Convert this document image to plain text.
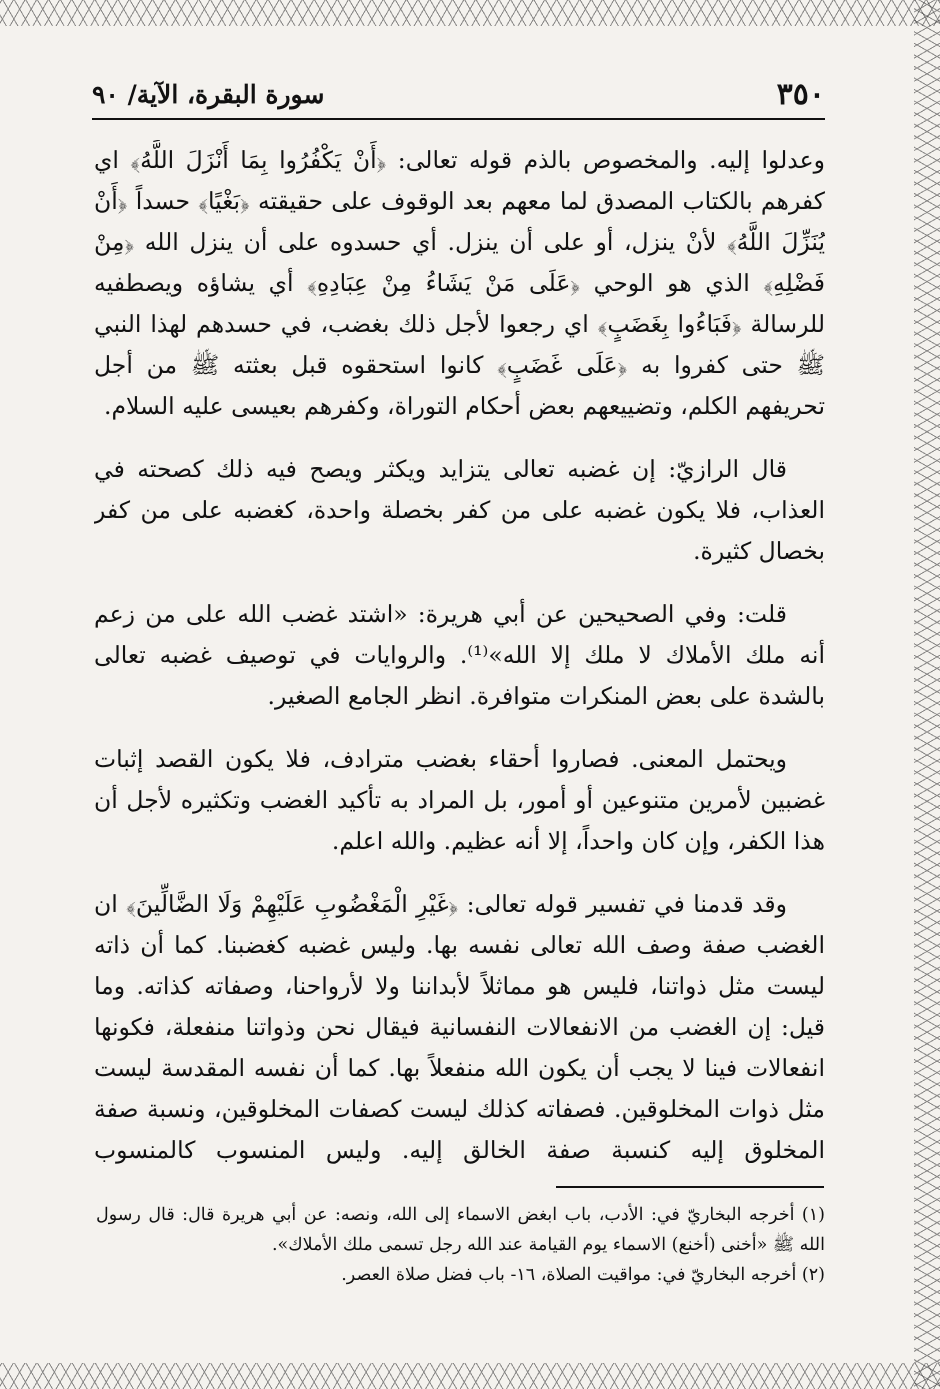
٣٥٠
سورة البقرة، الآية/ ٩٠

وعدلوا إليه. والمخصوص بالذم قوله تعالى: ﴿أَنْ يَكْفُرُوا بِمَا أَنْزَلَ اللَّهُ﴾ اي كفرهم بالكتاب المصدق لما معهم بعد الوقوف على حقيقته ﴿بَغْيًا﴾ حسداً ﴿أَنْ يُنَزِّلَ اللَّهُ﴾ لأنْ ينزل، أو على أن ينزل. أي حسدوه على أن ينزل الله ﴿مِنْ فَضْلِهِ﴾ الذي هو الوحي ﴿عَلَى مَنْ يَشَاءُ مِنْ عِبَادِهِ﴾ أي يشاؤه ويصطفيه للرسالة ﴿فَبَاءُوا بِغَضَبٍ﴾ اي رجعوا لأجل ذلك بغضب، في حسدهم لهذا النبي ﷺ حتى كفروا به ﴿عَلَى غَضَبٍ﴾ كانوا استحقوه قبل بعثته ﷺ من أجل تحريفهم الكلم، وتضييعهم بعض أحكام التوراة، وكفرهم بعيسى عليه السلام.

قال الرازيّ: إن غضبه تعالى يتزايد ويكثر ويصح فيه ذلك كصحته في العذاب، فلا يكون غضبه على من كفر بخصلة واحدة، كغضبه على من كفر بخصال كثيرة.

قلت: وفي الصحيحين عن أبي هريرة: «اشتد غضب الله على من زعم أنه ملك الأملاك لا ملك إلا الله»⁽¹⁾. والروايات في توصيف غضبه تعالى بالشدة على بعض المنكرات متوافرة. انظر الجامع الصغير.

ويحتمل المعنى. فصاروا أحقاء بغضب مترادف، فلا يكون القصد إثبات غضبين لأمرين متنوعين أو أمور، بل المراد به تأكيد الغضب وتكثيره لأجل أن هذا الكفر، وإن كان واحداً، إلا أنه عظيم. والله اعلم.

وقد قدمنا في تفسير قوله تعالى: ﴿غَيْرِ الْمَغْضُوبِ عَلَيْهِمْ وَلَا الضَّالِّينَ﴾ ان الغضب صفة وصف الله تعالى نفسه بها. وليس غضبه كغضبنا. كما أن ذاته ليست مثل ذواتنا، فليس هو مماثلاً لأبداننا ولا لأرواحنا، وصفاته كذاته. وما قيل: إن الغضب من الانفعالات النفسانية فيقال نحن وذواتنا منفعلة، فكونها انفعالات فينا لا يجب أن يكون الله منفعلاً بها. كما أن نفسه المقدسة ليست مثل ذوات المخلوقين. فصفاته كذلك ليست كصفات المخلوقين، ونسبة صفة المخلوق إليه كنسبة صفة الخالق إليه. وليس المنسوب كالمنسوب

(١) أخرجه البخاريّ في: الأدب، باب ابغض الاسماء إلى الله، ونصه: عن أبي هريرة قال: قال رسول الله ﷺ «أخنى (أخنع) الاسماء يوم القيامة عند الله رجل تسمى ملك الأملاك».

(٢) أخرجه البخاريّ في: مواقيت الصلاة، ١٦- باب فضل صلاة العصر.
